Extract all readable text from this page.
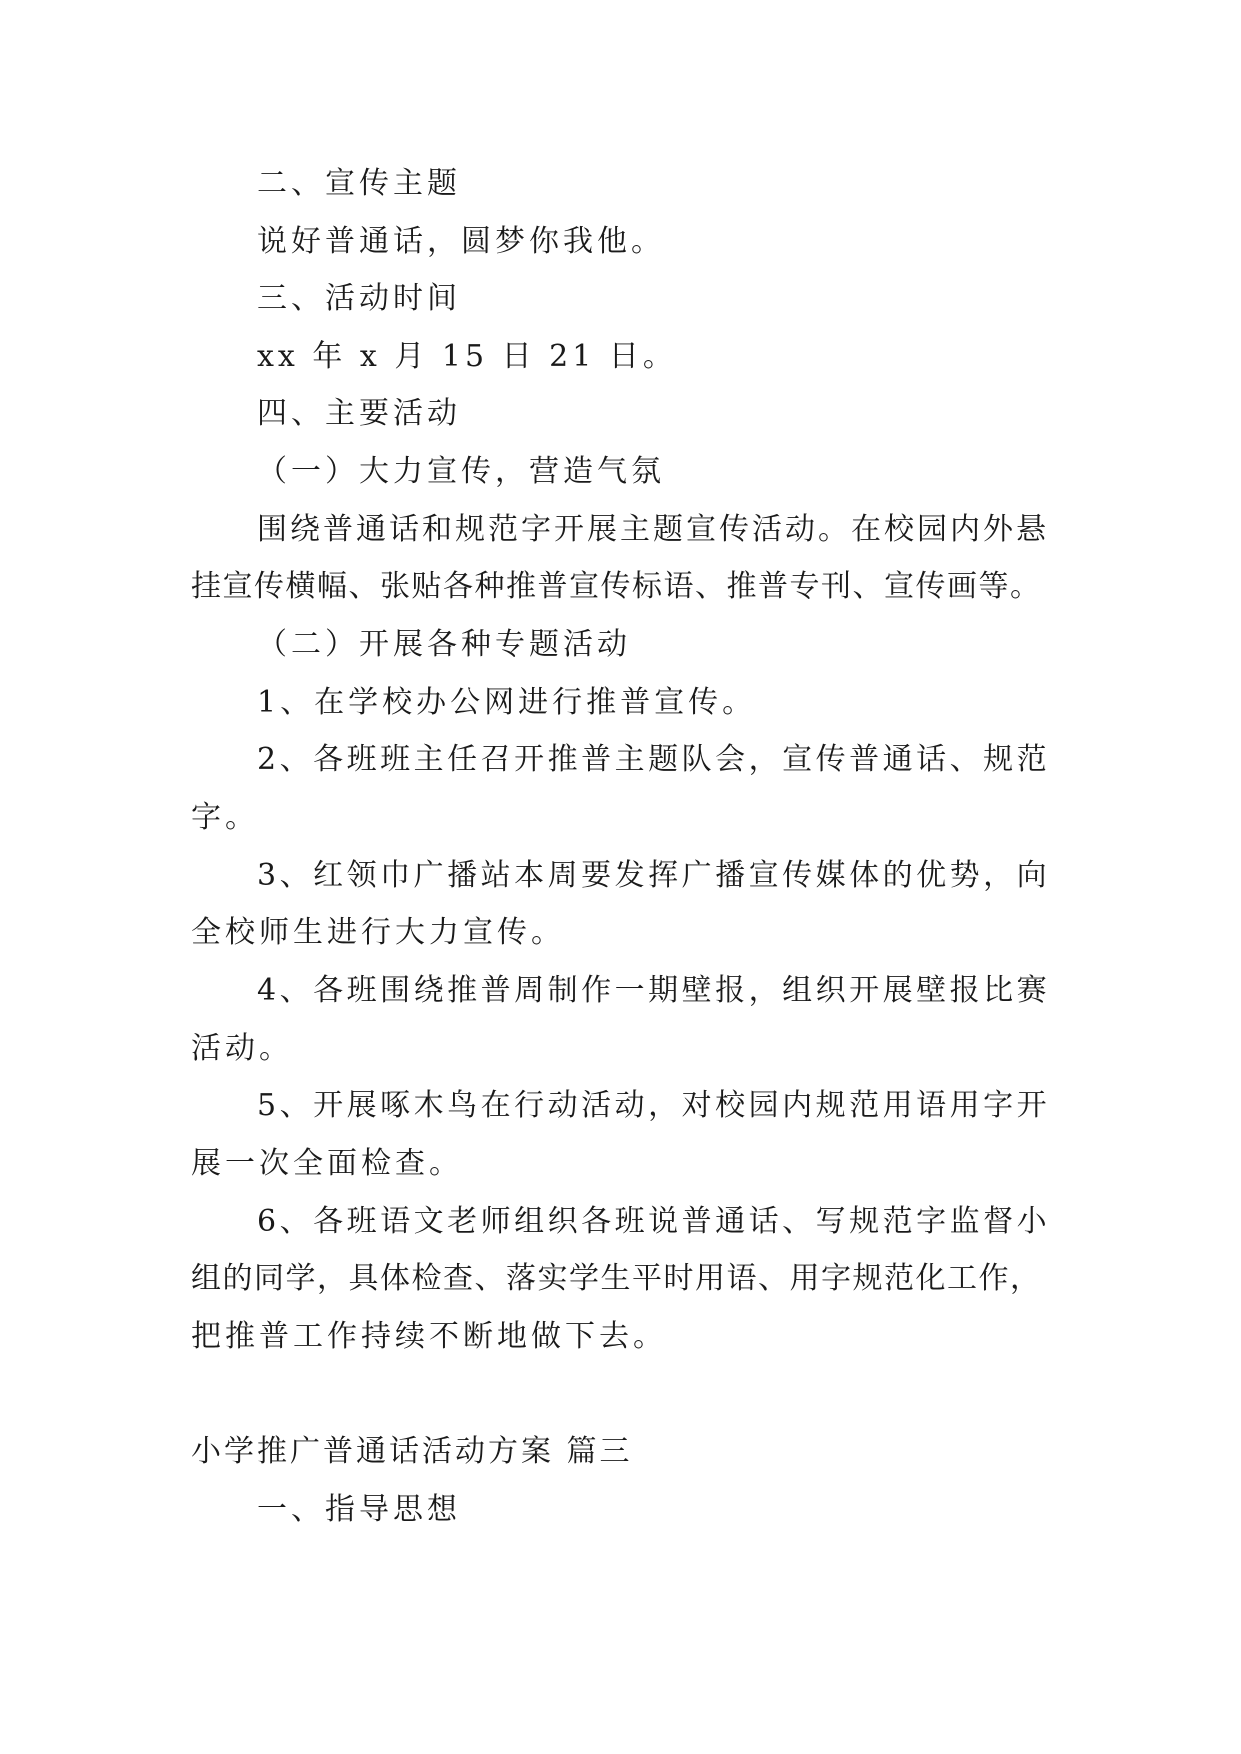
二、宣传主题

说好普通话，圆梦你我他。

三、活动时间

xx 年 x 月 15 日 21 日。

四、主要活动

（一）大力宣传，营造气氛

围绕普通话和规范字开展主题宣传活动。在校园内外悬

挂宣传横幅、张贴各种推普宣传标语、推普专刊、宣传画等。

（二）开展各种专题活动

1、在学校办公网进行推普宣传。

2、各班班主任召开推普主题队会，宣传普通话、规范

字。

3、红领巾广播站本周要发挥广播宣传媒体的优势，向

全校师生进行大力宣传。

4、各班围绕推普周制作一期壁报，组织开展壁报比赛

活动。

5、开展啄木鸟在行动活动，对校园内规范用语用字开

展一次全面检查。

6、各班语文老师组织各班说普通话、写规范字监督小

组的同学，具体检查、落实学生平时用语、用字规范化工作，

把推普工作持续不断地做下去。

小学推广普通话活动方案 篇三

一、指导思想
